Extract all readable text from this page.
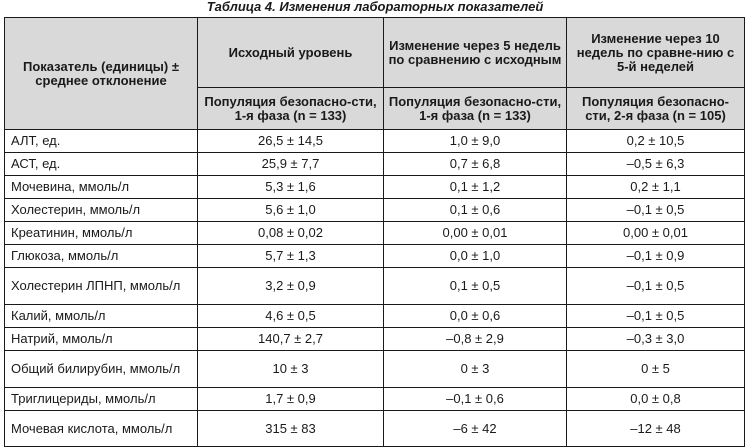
Таблица 4. Изменения лабораторных показателей
Показатель (единицы) ± среднее отклонение	Исходный уровень	Изменение через 5 недель по сравнению с исходным	Изменение через 10 недель по сравне-нию с 5-й неделей
	Популяция безопасно-сти, 1-я фаза (n = 133)	Популяция безопасно-сти, 1-я фаза (n = 133)	Популяция безопасно-сти, 2-я фаза (n = 105)
АЛТ, ед.	26,5 ± 14,5	1,0 ± 9,0	0,2 ± 10,5
АСТ, ед.	25,9 ± 7,7	0,7 ± 6,8	–0,5 ± 6,3
Мочевина, ммоль/л	5,3 ± 1,6	0,1 ± 1,2	0,2 ± 1,1
Холестерин, ммоль/л	5,6 ± 1,0	0,1 ± 0,6	–0,1 ± 0,5
Креатинин, ммоль/л	0,08 ± 0,02	0,00 ± 0,01	0,00 ± 0,01
Глюкоза, ммоль/л	5,7 ± 1,3	0,0 ± 1,0	–0,1 ± 0,9
Холестерин ЛПНП, ммоль/л	3,2 ± 0,9	0,1 ± 0,5	–0,1 ± 0,5
Калий, ммоль/л	4,6 ± 0,5	0,0 ± 0,6	–0,1 ± 0,5
Натрий, ммоль/л	140,7 ± 2,7	–0,8 ± 2,9	–0,3 ± 3,0
Общий билирубин, ммоль/л	10 ± 3	0 ± 3	0 ± 5
Триглицериды, ммоль/л	1,7 ± 0,9	–0,1 ± 0,6	0,0 ± 0,8
Мочевая кислота, ммоль/л	315 ± 83	–6 ± 42	–12 ± 48
